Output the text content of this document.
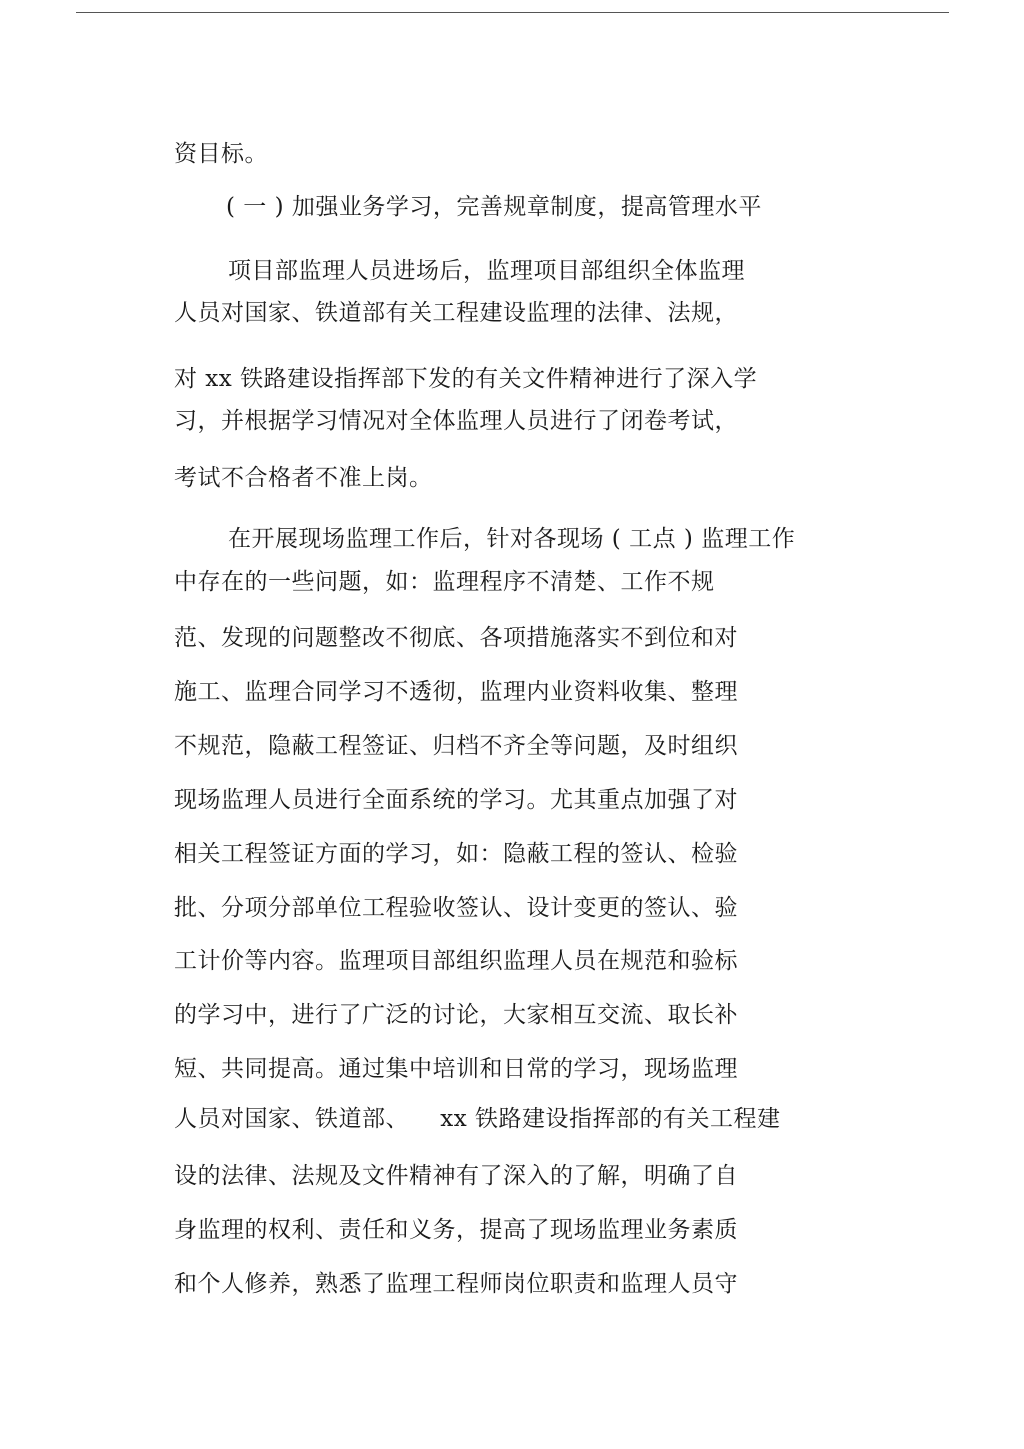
资目标。
( 一 ) 加强业务学习，完善规章制度，提高管理水平
项目部监理人员进场后，监理项目部组织全体监理
人员对国家、铁道部有关工程建设监理的法律、法规，
对 xx 铁路建设指挥部下发的有关文件精神进行了深入学
习，并根据学习情况对全体监理人员进行了闭卷考试，
考试不合格者不准上岗。
在开展现场监理工作后，针对各现场 ( 工点 ) 监理工作
中存在的一些问题，如：监理程序不清楚、工作不规
范、发现的问题整改不彻底、各项措施落实不到位和对
施工、监理合同学习不透彻，监理内业资料收集、整理
不规范，隐蔽工程签证、归档不齐全等问题，及时组织
现场监理人员进行全面系统的学习。尤其重点加强了对
相关工程签证方面的学习，如：隐蔽工程的签认、检验
批、分项分部单位工程验收签认、设计变更的签认、验
工计价等内容。监理项目部组织监理人员在规范和验标
的学习中，进行了广泛的讨论，大家相互交流、取长补
短、共同提高。通过集中培训和日常的学习，现场监理
人员对国家、铁道部、    xx 铁路建设指挥部的有关工程建
设的法律、法规及文件精神有了深入的了解，明确了自
身监理的权利、责任和义务，提高了现场监理业务素质
和个人修养，熟悉了监理工程师岗位职责和监理人员守
